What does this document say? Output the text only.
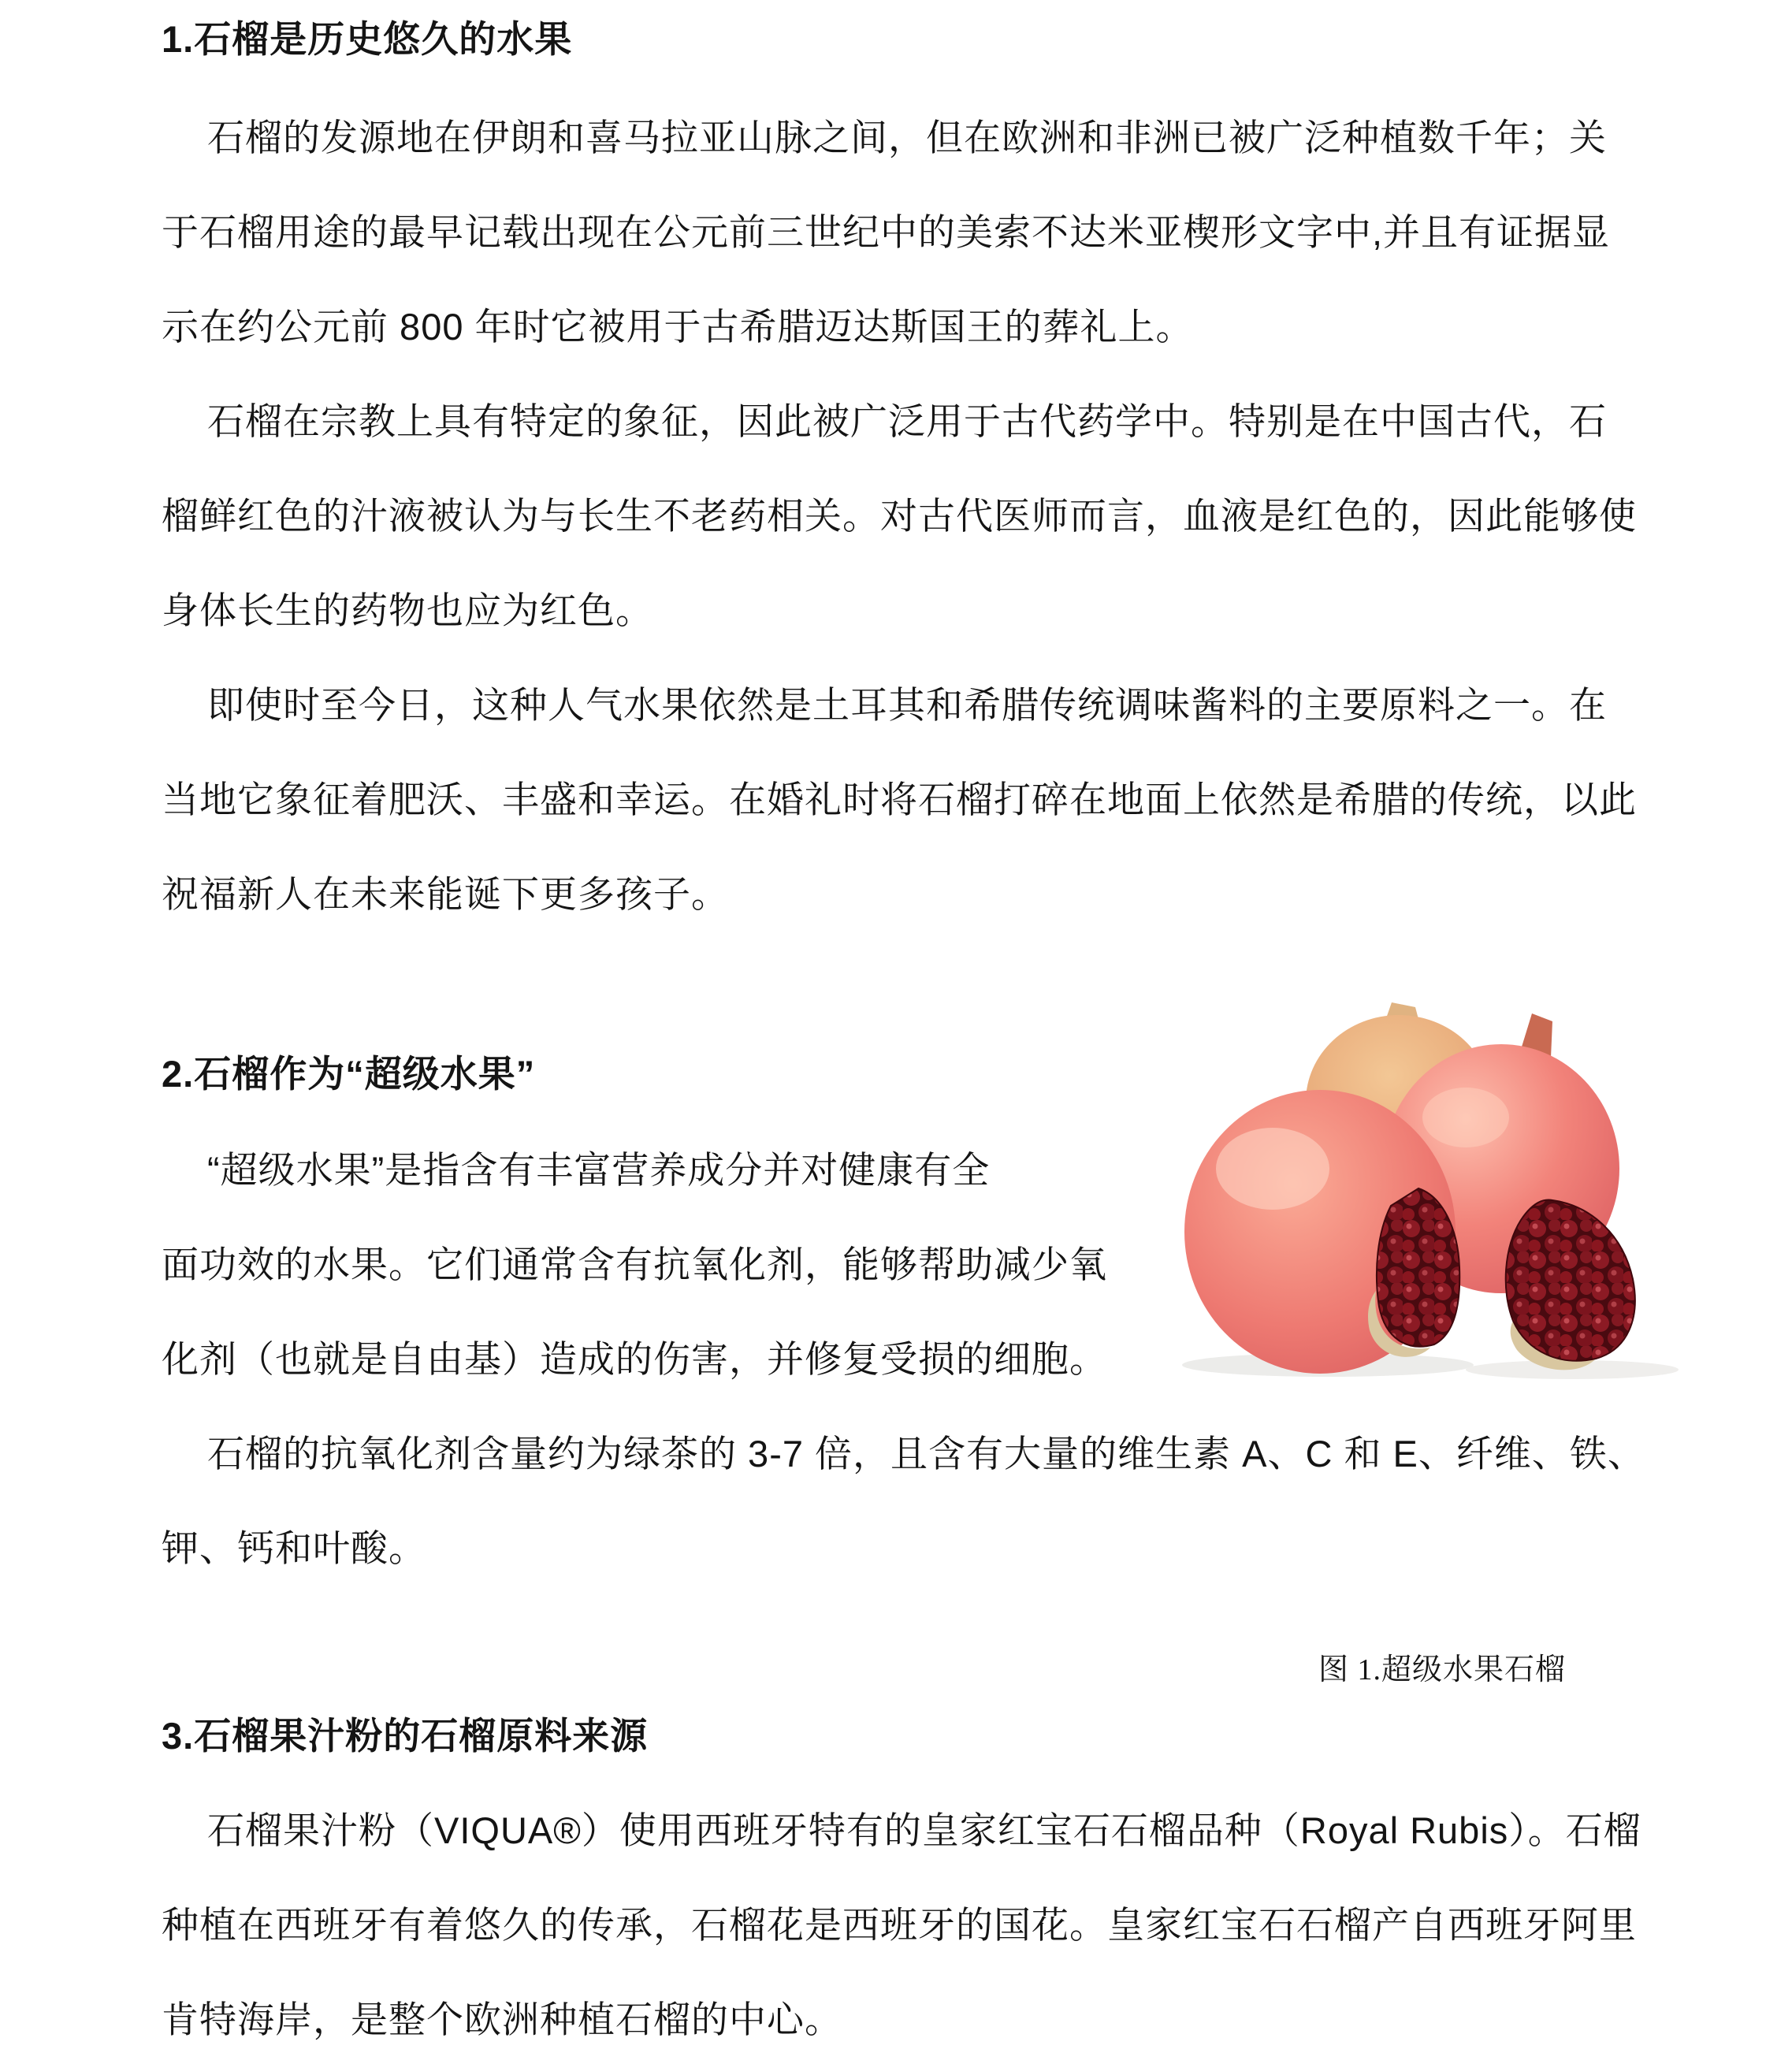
1.石榴是历史悠久的水果
石榴的发源地在伊朗和喜马拉亚山脉之间，但在欧洲和非洲已被广泛种植数千年；关
于石榴用途的最早记载出现在公元前三世纪中的美索不达米亚楔形文字中,并且有证据显
示在约公元前 800 年时它被用于古希腊迈达斯国王的葬礼上。
石榴在宗教上具有特定的象征，因此被广泛用于古代药学中。特别是在中国古代，石
榴鲜红色的汁液被认为与长生不老药相关。对古代医师而言，血液是红色的，因此能够使
身体长生的药物也应为红色。
即使时至今日，这种人气水果依然是土耳其和希腊传统调味酱料的主要原料之一。在
当地它象征着肥沃、丰盛和幸运。在婚礼时将石榴打碎在地面上依然是希腊的传统，以此
祝福新人在未来能诞下更多孩子。
2.石榴作为“超级水果”
“超级水果”是指含有丰富营养成分并对健康有全
面功效的水果。它们通常含有抗氧化剂，能够帮助减少氧
化剂（也就是自由基）造成的伤害，并修复受损的细胞。
石榴的抗氧化剂含量约为绿茶的 3-7 倍，且含有大量的维生素 A、C 和 E、纤维、铁、
钾、钙和叶酸。
图 1.超级水果石榴
3.石榴果汁粉的石榴原料来源
石榴果汁粉（VIQUA®）使用西班牙特有的皇家红宝石石榴品种（Royal Rubis）。石榴
种植在西班牙有着悠久的传承，石榴花是西班牙的国花。皇家红宝石石榴产自西班牙阿里
肯特海岸，是整个欧洲种植石榴的中心。
